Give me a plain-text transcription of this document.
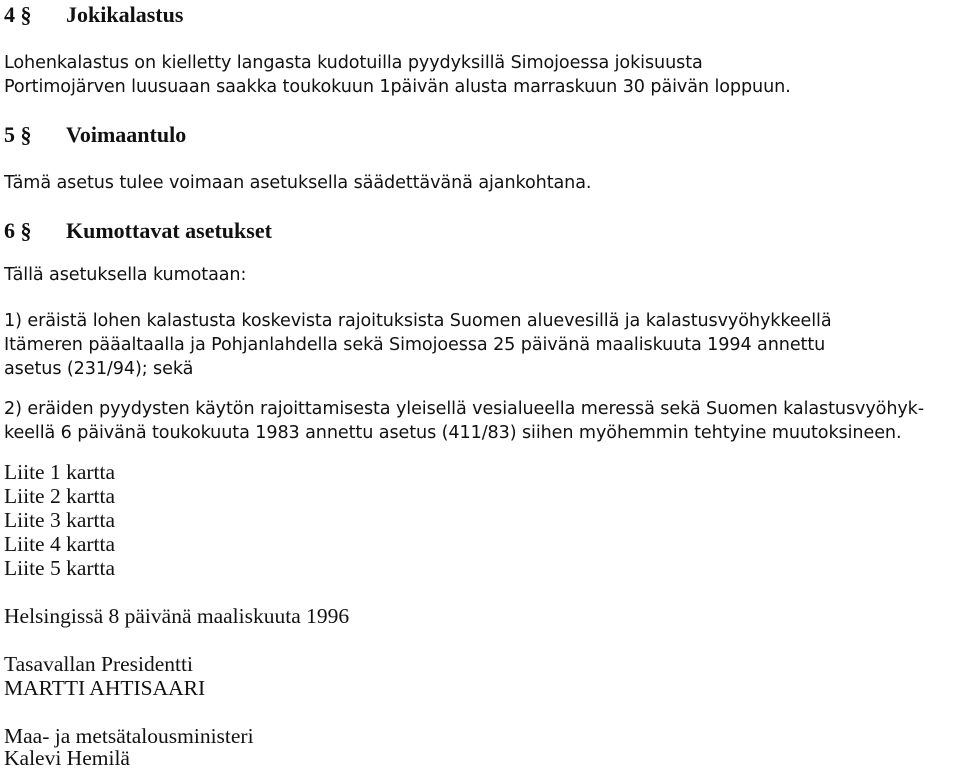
4 § Jokikalastus
Lohenkalastus on kielletty langasta kudotuilla pyydyksillä Simojoessa jokisuusta
Portimojärven luusuaan saakka toukokuun 1päivän alusta marraskuun 30 päivän loppuun.
5 § Voimaantulo
Tämä asetus tulee voimaan asetuksella säädettävänä ajankohtana.
6 § Kumottavat asetukset
Tällä asetuksella kumotaan:
1) eräistä lohen kalastusta koskevista rajoituksista Suomen aluevesillä ja kalastusvyöhykkeellä
Itämeren pääaltaalla ja Pohjanlahdella sekä Simojoessa 25 päivänä maaliskuuta 1994 annettu
asetus (231/94); sekä
2) eräiden pyydysten käytön rajoittamisesta yleisellä vesialueella meressä sekä Suomen kalastusvyöhyk-
keellä 6 päivänä toukokuuta 1983 annettu asetus (411/83) siihen myöhemmin tehtyine muutoksineen.
Liite 1 kartta
Liite 2 kartta
Liite 3 kartta
Liite 4 kartta
Liite 5 kartta
Helsingissä 8 päivänä maaliskuuta 1996
Tasavallan Presidentti
MARTTI AHTISAARI
Maa- ja metsätalousministeri
Kalevi Hemilä
